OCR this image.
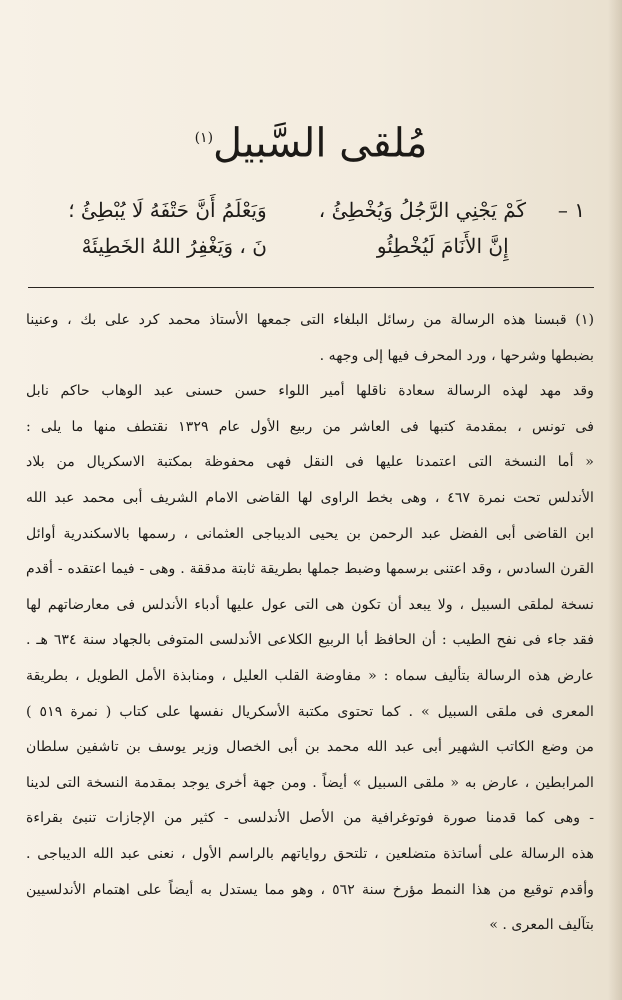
مُلقى السَّبيل$^{(١)}$
١ –
كَمْ يَجْنِي الرَّجُلُ وَيُخْطِئُ ،
وَيَعْلَمُ أَنَّ حَتْفَهُ لَا يُبْطِئُ ؛
إِنَّ الأَنَامَ لَيُخْطِئُو
نَ ، وَيَغْفِرُ اللهُ الخَطِيئَهْ

(١) قبسنا هذه الرسالة من رسائل البلغاء التى جمعها الأستاذ محمد كرد على بك ، وعنينا
بضبطها وشرحها ، ورد المحرف فيها إلى وجهه .

وقد مهد لهذه الرسالة سعادة ناقلها أمير اللواء حسن حسنى عبد الوهاب حاكم نابل
فى تونس ، بمقدمة كتبها فى العاشر من ربيع الأول عام ١٣٢٩ نقتطف منها ما يلى :
« أما النسخة التى اعتمدنا عليها فى النقل فهى محفوظة بمكتبة الاسكريال من بلاد
الأندلس تحت نمرة ٤٦٧ ، وهى بخط الراوى لها القاضى الامام الشريف أبى محمد عبد الله
ابن القاضى أبى الفضل عبد الرحمن بن يحيى الديباجى العثمانى ، رسمها بالاسكندرية أوائل
القرن السادس ، وقد اعتنى برسمها وضبط جملها بطريقة ثابتة مدققة . وهى - فيما اعتقده - أقدم
نسخة لملقى السبيل ، ولا يبعد أن تكون هى التى عول عليها أدباء الأندلس فى معارضاتهم لها
فقد جاء فى نفح الطيب : أن الحافظ أبا الربيع الكلاعى الأندلسى المتوفى بالجهاد سنة ٦٣٤ هـ .
عارض هذه الرسالة بتأليف سماه : « مفاوضة القلب العليل ، ومنابذة الأمل الطويل ، بطريقة
المعرى فى ملقى السبيل » . كما تحتوى مكتبة الأسكريال نفسها على كتاب ( نمرة ٥١٩ )
من وضع الكاتب الشهير أبى عبد الله محمد بن أبى الخصال وزير يوسف بن تاشفين سلطان
المرابطين ، عارض به « ملقى السبيل » أيضاً . ومن جهة أخرى يوجد بمقدمة النسخة التى لدينا
- وهى كما قدمنا صورة فوتوغرافية من الأصل الأندلسى - كثير من الإجازات تنبئ بقراءة
هذه الرسالة على أساتذة متضلعين ، تلتحق رواياتهم بالراسم الأول ، نعنى عبد الله الديباجى .
وأقدم توقيع من هذا النمط مؤرخ سنة ٥٦٢ ، وهو مما يستدل به أيضاً على اهتمام الأندلسيين
بتآليف المعرى . »
